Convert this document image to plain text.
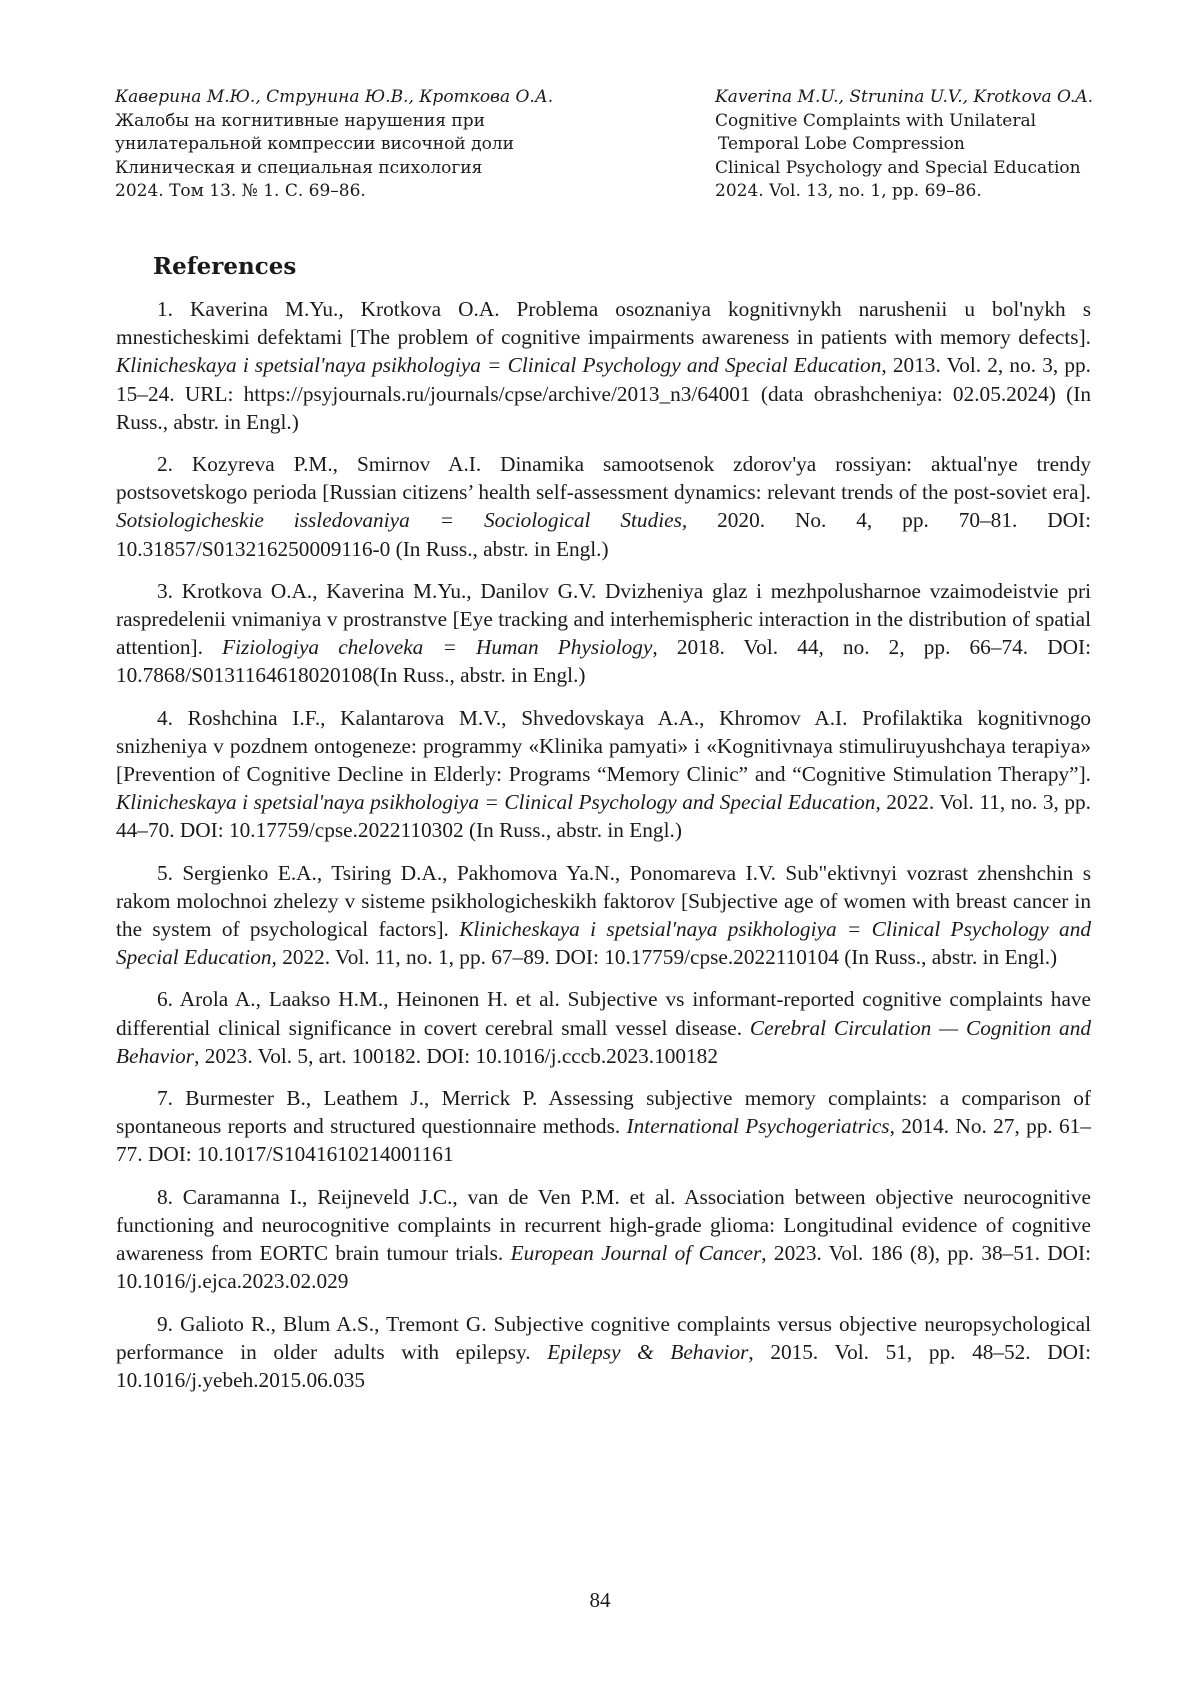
Каверина М.Ю., Струнина Ю.В., Кроткова О.А.
Жалобы на когнитивные нарушения при
унилатеральной компрессии височной доли
Клиническая и специальная психология
2024. Том 13. № 1. С. 69–86.
Kaverina M.U., Strunina U.V., Krotkova O.A.
Cognitive Complaints with Unilateral
Temporal Lobe Compression
Clinical Psychology and Special Education
2024. Vol. 13, no. 1, pp. 69–86.
References

1. Kaverina M.Yu., Krotkova O.A. Problema osoznaniya kognitivnykh narushenii u bol'nykh s mnesticheskimi defektami [The problem of cognitive impairments awareness in patients with memory defects]. Klinicheskaya i spetsial'naya psikhologiya = Clinical Psychology and Special Education, 2013. Vol. 2, no. 3, pp. 15–24. URL: https://psyjournals.ru/journals/cpse/archive/2013_n3/64001 (data obrashcheniya: 02.05.2024) (In Russ., abstr. in Engl.)

2. Kozyreva P.M., Smirnov A.I. Dinamika samootsenok zdorov'ya rossiyan: aktual'nye trendy postsovetskogo perioda [Russian citizens’ health self-assessment dynamics: relevant trends of the post-soviet era]. Sotsiologicheskie issledovaniya = Sociological Studies, 2020. No. 4, pp. 70–81. DOI: 10.31857/S013216250009116-0 (In Russ., abstr. in Engl.)

3. Krotkova O.A., Kaverina M.Yu., Danilov G.V. Dvizheniya glaz i mezhpolusharnoe vzaimodeistvie pri raspredelenii vnimaniya v prostranstve [Eye tracking and interhemispheric interaction in the distribution of spatial attention]. Fiziologiya cheloveka = Human Physiology, 2018. Vol. 44, no. 2, pp. 66–74. DOI: 10.7868/S0131164618020108(In Russ., abstr. in Engl.)

4. Roshchina I.F., Kalantarova M.V., Shvedovskaya A.A., Khromov A.I. Profilaktika kognitivnogo snizheniya v pozdnem ontogeneze: programmy «Klinika pamyati» i «Kognitivnaya stimuliruyushchaya terapiya» [Prevention of Cognitive Decline in Elderly: Programs “Memory Clinic” and “Cognitive Stimulation Therapy”]. Klinicheskaya i spetsial'naya psikhologiya = Clinical Psychology and Special Education, 2022. Vol. 11, no. 3, pp. 44–70. DOI: 10.17759/cpse.2022110302 (In Russ., abstr. in Engl.)

5. Sergienko E.A., Tsiring D.A., Pakhomova Ya.N., Ponomareva I.V. Sub"ektivnyi vozrast zhenshchin s rakom molochnoi zhelezy v sisteme psikhologicheskikh faktorov [Subjective age of women with breast cancer in the system of psychological factors]. Klinicheskaya i spetsial'naya psikhologiya = Clinical Psychology and Special Education, 2022. Vol. 11, no. 1, pp. 67–89. DOI: 10.17759/cpse.2022110104 (In Russ., abstr. in Engl.)

6. Arola A., Laakso H.M., Heinonen H. et al. Subjective vs informant-reported cognitive complaints have differential clinical significance in covert cerebral small vessel disease. Cerebral Circulation — Cognition and Behavior, 2023. Vol. 5, art. 100182. DOI: 10.1016/j.cccb.2023.100182

7. Burmester B., Leathem J., Merrick P. Assessing subjective memory complaints: a comparison of spontaneous reports and structured questionnaire methods. International Psychogeriatrics, 2014. No. 27, pp. 61–77. DOI: 10.1017/S1041610214001161

8. Caramanna I., Reijneveld J.C., van de Ven P.M. et al. Association between objective neurocognitive functioning and neurocognitive complaints in recurrent high-grade glioma: Longitudinal evidence of cognitive awareness from EORTC brain tumour trials. European Journal of Cancer, 2023. Vol. 186 (8), pp. 38–51. DOI: 10.1016/j.ejca.2023.02.029

9. Galioto R., Blum A.S., Tremont G. Subjective cognitive complaints versus objective neuropsychological performance in older adults with epilepsy. Epilepsy & Behavior, 2015. Vol. 51, pp. 48–52. DOI: 10.1016/j.yebeh.2015.06.035

84
